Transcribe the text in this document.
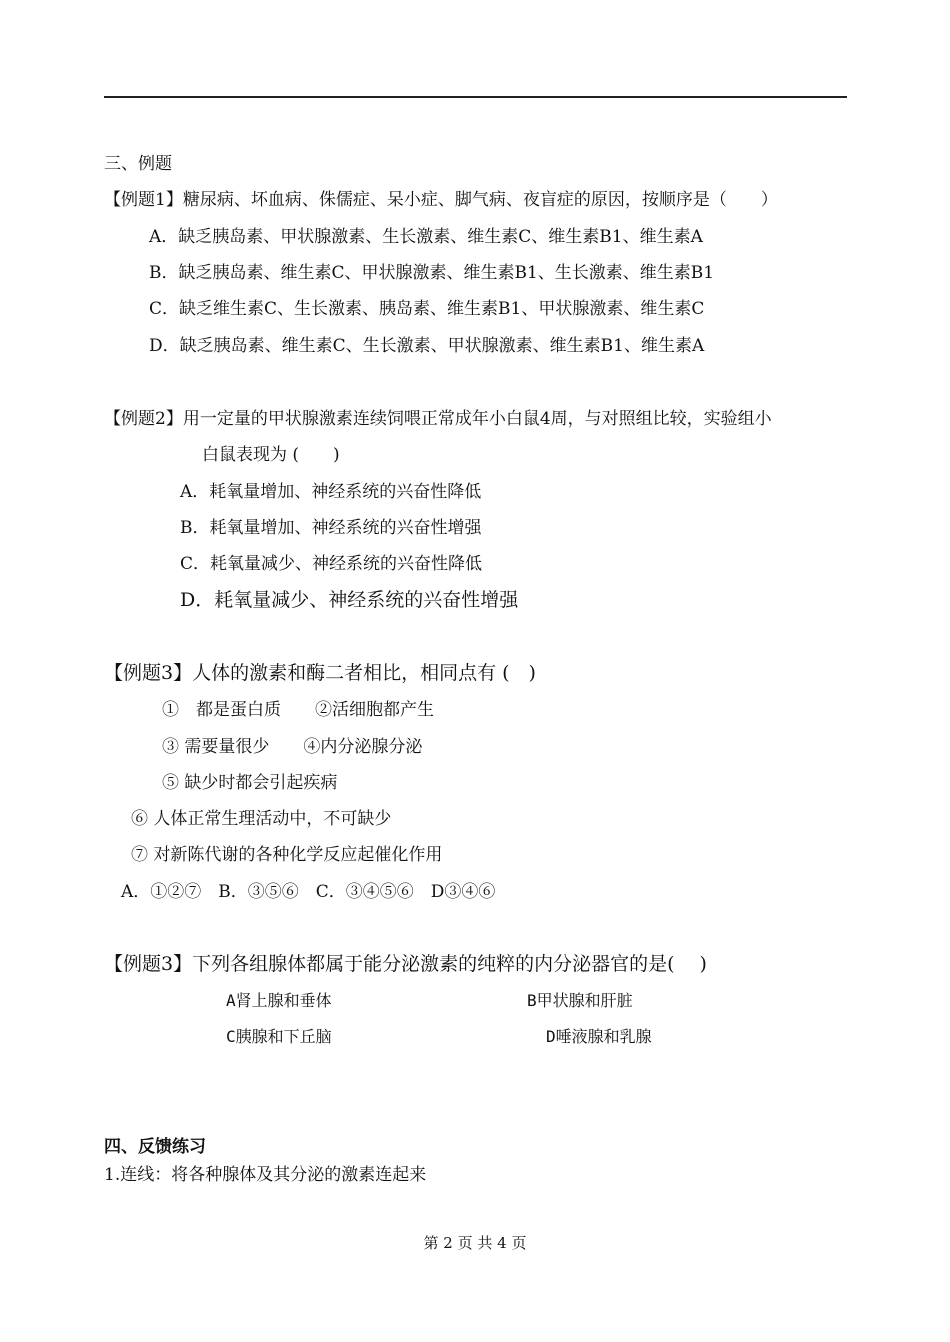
三、例题
【例题1】糖尿病、坏血病、侏儒症、呆小症、脚气病、夜盲症的原因，按顺序是（　　）
A．缺乏胰岛素、甲状腺激素、生长激素、维生素C、维生素B1、维生素A
B．缺乏胰岛素、维生素C、甲状腺激素、维生素B1、生长激素、维生素B1
C．缺乏维生素C、生长激素、胰岛素、维生素B1、甲状腺激素、维生素C
D．缺乏胰岛素、维生素C、生长激素、甲状腺激素、维生素B1、维生素A
【例题2】用一定量的甲状腺激素连续饲喂正常成年小白鼠4周，与对照组比较，实验组小
白鼠表现为 (　　)
A．耗氧量增加、神经系统的兴奋性降低
B．耗氧量增加、神经系统的兴奋性增强
C．耗氧量减少、神经系统的兴奋性降低
D．耗氧量减少、神经系统的兴奋性增强
【例题3】人体的激素和酶二者相比，相同点有 (　)
①　都是蛋白质　　②活细胞都产生
③ 需要量很少　　④内分泌腺分泌
⑤ 缺少时都会引起疾病
⑥ 人体正常生理活动中，不可缺少
⑦ 对新陈代谢的各种化学反应起催化作用
A．①②⑦　B．③⑤⑥　C．③④⑤⑥　D③④⑥
【例题3】下列各组腺体都属于能分泌激素的纯粹的内分泌器官的是(　 )
A肾上腺和垂体	B甲状腺和肝脏
C胰腺和下丘脑	D唾液腺和乳腺
四、反馈练习
1.连线：将各种腺体及其分泌的激素连起来
第 2 页 共 4 页
